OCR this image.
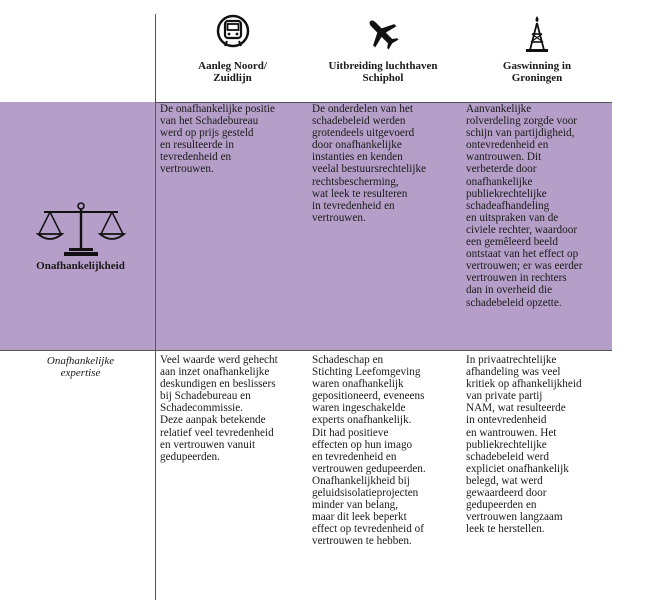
Aanleg Noord/
Zuidlijn
Uitbreiding luchthaven
Schiphol
Gaswinning in
Groningen
Onafhankelijkheid
Onafhankelijke
expertise
De onafhankelijke positie
van het Schadebureau
werd op prijs gesteld
en resulteerde in
tevredenheid en
vertrouwen.
De onderdelen van het
schadebeleid werden
grotendeels uitgevoerd
door onafhankelijke
instanties en kenden
veelal bestuursrechtelijke
rechtsbescherming,
wat leek te resulteren
in tevredenheid en
vertrouwen.
Aanvankelijke
rolverdeling zorgde voor
schijn van partijdigheid,
ontevredenheid en
wantrouwen. Dit
verbeterde door
onafhankelijke
publiekrechtelijke
schadeafhandeling
en uitspraken van de
civiele rechter, waardoor
een gemêleerd beeld
ontstaat van het effect op
vertrouwen; er was eerder
vertrouwen in rechters
dan in overheid die
schadebeleid opzette.
Veel waarde werd gehecht
aan inzet onafhankelijke
deskundigen en beslissers
bij Schadebureau en
Schadecommissie.
Deze aanpak betekende
relatief veel tevredenheid
en vertrouwen vanuit
gedupeerden.
Schadeschap en
Stichting Leefomgeving
waren onafhankelijk
gepositioneerd, eveneens
waren ingeschakelde
experts onafhankelijk.
Dit had positieve
effecten op hun imago
en tevredenheid en
vertrouwen gedupeerden.
Onafhankelijkheid bij
geluidsisolatieprojecten
minder van belang,
maar dit leek beperkt
effect op tevredenheid of
vertrouwen te hebben.
In privaatrechtelijke
afhandeling was veel
kritiek op afhankelijkheid
van private partij
NAM, wat resulteerde
in ontevredenheid
en wantrouwen. Het
publiekrechtelijke
schadebeleid werd
expliciet onafhankelijk
belegd, wat werd
gewaardeerd door
gedupeerden en
vertrouwen langzaam
leek te herstellen.
